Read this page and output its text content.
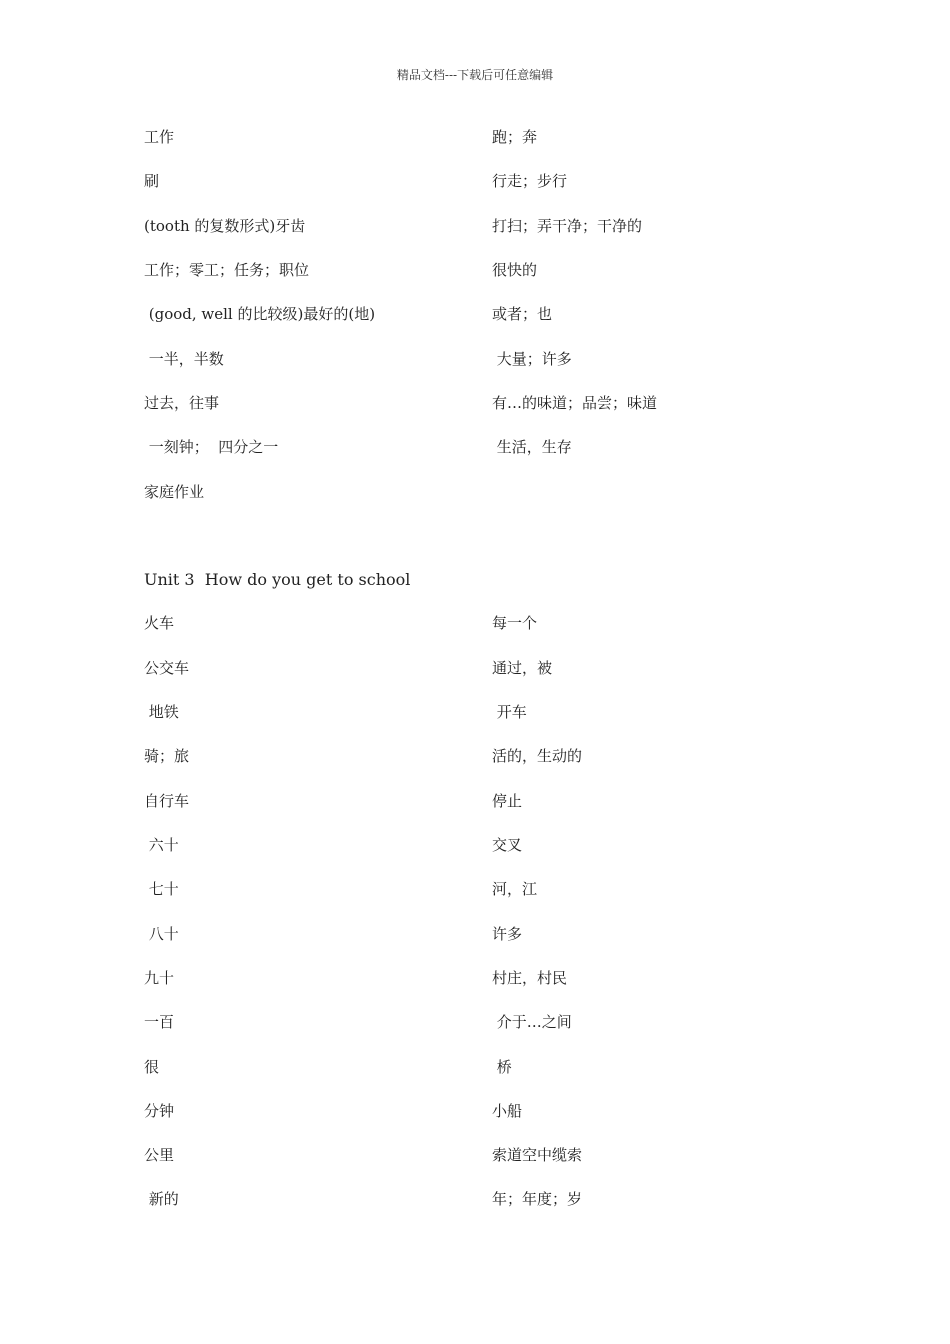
精品文档---下载后可任意编辑
工作	跑；奔
刷	行走；步行
(tooth 的复数形式)牙齿	打扫；弄干净；干净的
工作；零工；任务；职位	很快的
(good, well 的比较级)最好的(地)	或者；也
一半，半数	大量；许多
过去，往事	有…的味道；品尝；味道
一刻钟；  四分之一	生活，生存
家庭作业
Unit 3  How do you get to school
火车	每一个
公交车	通过，被
地铁	开车
骑；旅	活的，生动的
自行车	停止
六十	交叉
七十	河，江
八十	许多
九十	村庄，村民
一百	介于…之间
很	桥
分钟	小船
公里	索道空中缆索
新的	年；年度；岁
